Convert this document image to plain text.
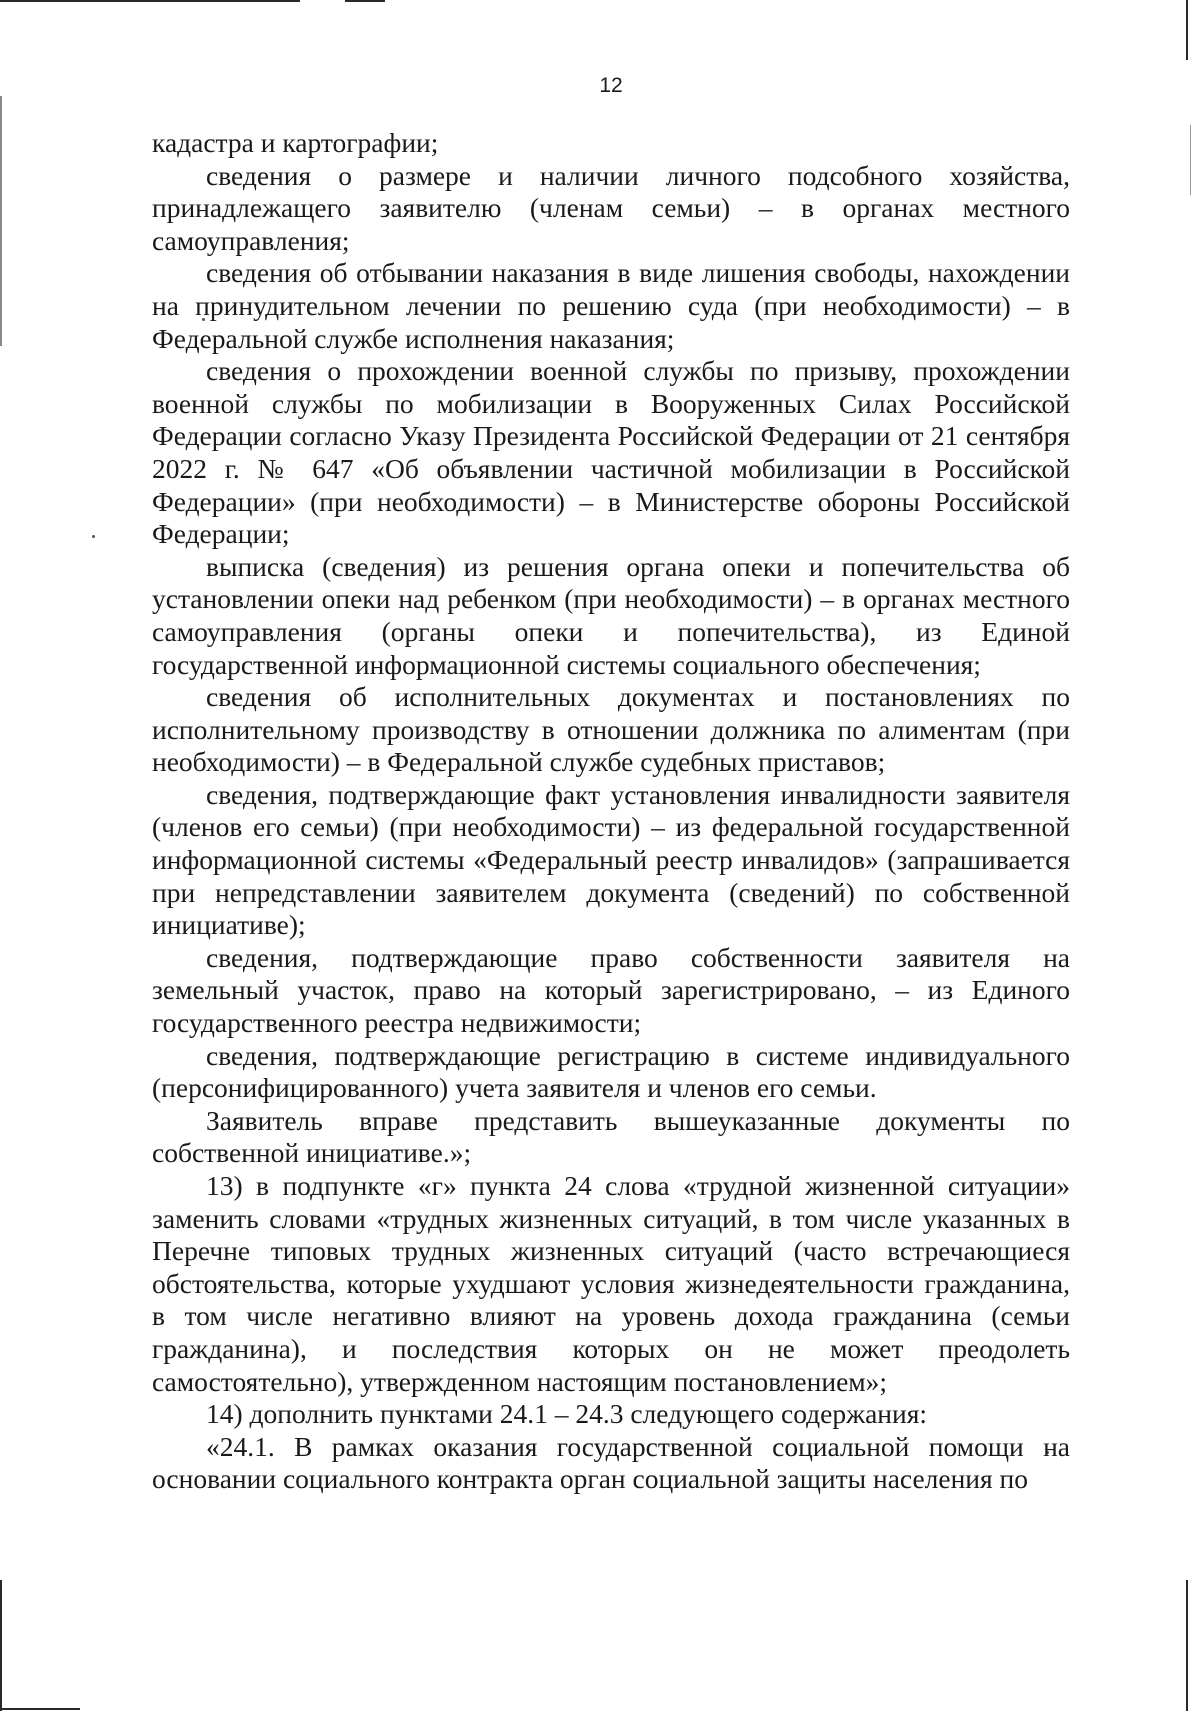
12

кадастра и картографии;

сведения о размере и наличии личного подсобного хозяйства, принадлежащего заявителю (членам семьи) – в органах местного самоуправления;

сведения об отбывании наказания в виде лишения свободы, нахождении на принудительном лечении по решению суда (при необходимости) – в Федеральной службе исполнения наказания;

сведения о прохождении военной службы по призыву, прохождении военной службы по мобилизации в Вооруженных Силах Российской Федерации согласно Указу Президента Российской Федерации от 21 сентября 2022 г. № 647 «Об объявлении частичной мобилизации в Российской Федерации» (при необходимости) – в Министерстве обороны Российской Федерации;

выписка (сведения) из решения органа опеки и попечительства об установлении опеки над ребенком (при необходимости) – в органах местного самоуправления (органы опеки и попечительства), из Единой государственной информационной системы социального обеспечения;

сведения об исполнительных документах и постановлениях по исполнительному производству в отношении должника по алиментам (при необходимости) – в Федеральной службе судебных приставов;

сведения, подтверждающие факт установления инвалидности заявителя (членов его семьи) (при необходимости) – из федеральной государственной информационной системы «Федеральный реестр инвалидов» (запрашивается при непредставлении заявителем документа (сведений) по собственной инициативе);

сведения, подтверждающие право собственности заявителя на земельный участок, право на который зарегистрировано, – из Единого государственного реестра недвижимости;

сведения, подтверждающие регистрацию в системе индивидуального (персонифицированного) учета заявителя и членов его семьи.

Заявитель вправе представить вышеуказанные документы по собственной инициативе.»;

13) в подпункте «г» пункта 24 слова «трудной жизненной ситуации» заменить словами «трудных жизненных ситуаций, в том числе указанных в Перечне типовых трудных жизненных ситуаций (часто встречающиеся обстоятельства, которые ухудшают условия жизнедеятельности гражданина, в том числе негативно влияют на уровень дохода гражданина (семьи гражданина), и последствия которых он не может преодолеть самостоятельно), утвержденном настоящим постановлением»;

14) дополнить пунктами 24.1 – 24.3 следующего содержания:

«24.1. В рамках оказания государственной социальной помощи на основании социального контракта орган социальной защиты населения по
